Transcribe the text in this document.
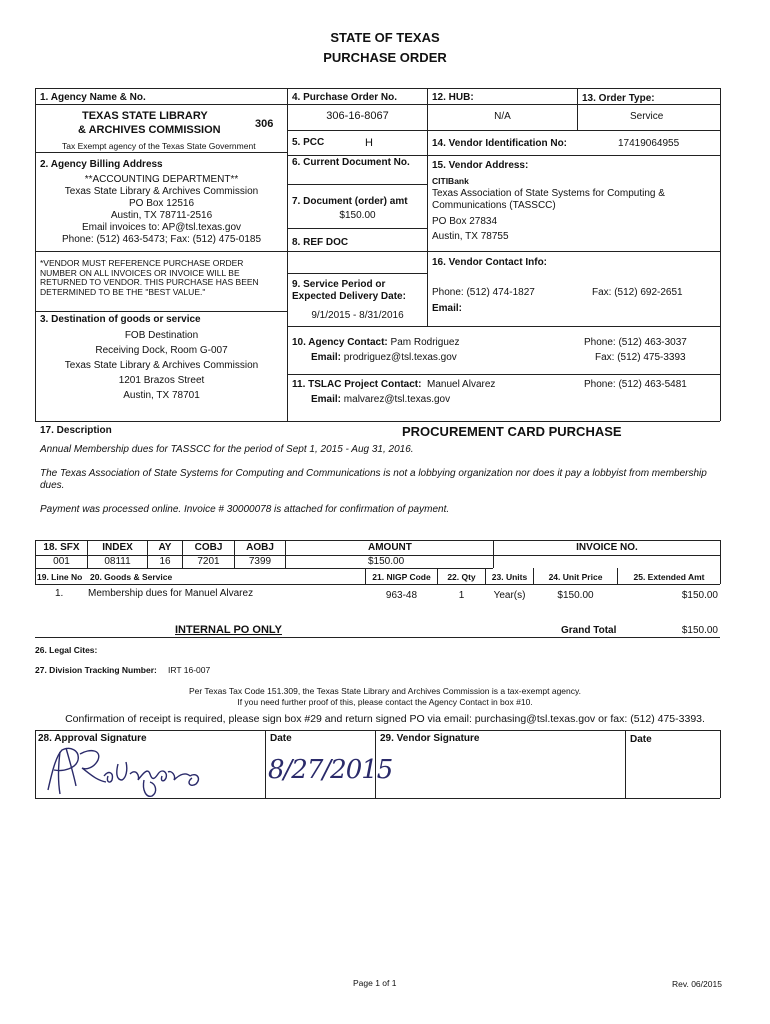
STATE OF TEXAS
PURCHASE ORDER
1. Agency Name & No.
TEXAS STATE LIBRARY
& ARCHIVES COMMISSION	306
Tax Exempt agency of the Texas State Government
2. Agency Billing Address
**ACCOUNTING DEPARTMENT**
Texas State Library & Archives Commission
PO Box 12516
Austin, TX 78711-2516
Email invoices to: AP@tsl.texas.gov
Phone: (512) 463-5473; Fax: (512) 475-0185
*VENDOR MUST REFERENCE PURCHASE ORDER NUMBER ON ALL INVOICES OR INVOICE WILL BE RETURNED TO VENDOR. THIS PURCHASE HAS BEEN DETERMINED TO BE THE "BEST VALUE."
3. Destination of goods or service
FOB Destination
Receiving Dock, Room G-007
Texas State Library & Archives Commission
1201 Brazos Street
Austin, TX 78701
4. Purchase Order No.
306-16-8067
5. PCC	H
6. Current Document No.
7. Document (order) amt
$150.00
8. REF DOC
9. Service Period or
Expected Delivery Date:
9/1/2015 - 8/31/2016
12. HUB:
N/A
13. Order Type:
Service
14. Vendor Identification No:	17419064955
15. Vendor Address:
CITIBank
Texas Association of State Systems for Computing &
Communications (TASSCC)
PO Box 27834
Austin, TX 78755
16. Vendor Contact Info:
Phone: (512) 474-1827	Fax: (512) 692-2651
Email:
10. Agency Contact: Pam Rodriguez
Email: prodriguez@tsl.texas.gov
Phone: (512) 463-3037
Fax: (512) 475-3393
11. TSLAC Project Contact: Manuel Alvarez
Email: malvarez@tsl.texas.gov
Phone: (512) 463-5481
17. Description	PROCUREMENT CARD PURCHASE
Annual Membership dues for TASSCC for the period of Sept 1, 2015 - Aug 31, 2016.
The Texas Association of State Systems for Computing and Communications is not a lobbying organization nor does it pay a lobbyist from membership dues.
Payment was processed online. Invoice # 30000078 is attached for confirmation of payment.
18. SFX	INDEX	AY	COBJ	AOBJ	AMOUNT	INVOICE NO.
001	08111	16	7201	7399	$150.00
19. Line No 20. Goods & Service	21. NIGP Code	22. Qty	23. Units	24. Unit Price	25. Extended Amt
1. Membership dues for Manuel Alvarez	963-48	1	Year(s)	$150.00	$150.00
INTERNAL PO ONLY	Grand Total	$150.00
26. Legal Cites:
27. Division Tracking Number: IRT 16-007
Per Texas Tax Code 151.309, the Texas State Library and Archives Commission is a tax-exempt agency.
If you need further proof of this, please contact the Agency Contact in box #10.
Confirmation of receipt is required, please sign box #29 and return signed PO via email: purchasing@tsl.texas.gov or fax: (512) 475-3393.
28. Approval Signature	Date	29. Vendor Signature	Date
8/27/2015
Page 1 of 1	Rev. 06/2015
